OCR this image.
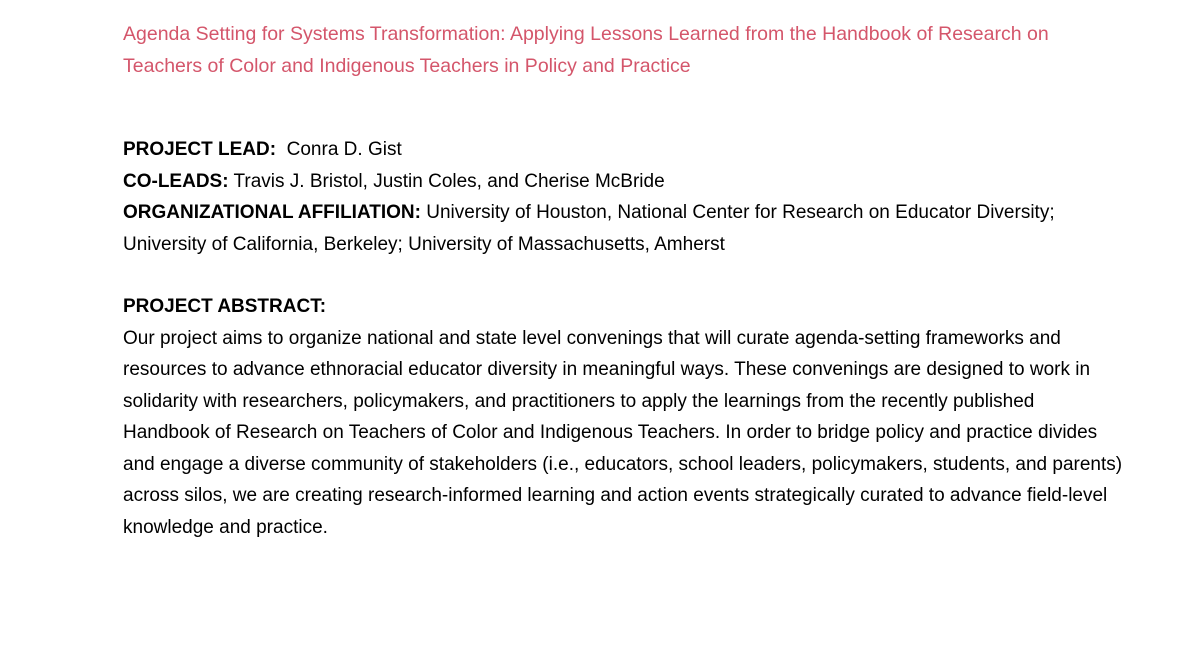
Agenda Setting for Systems Transformation: Applying Lessons Learned from the Handbook of Research on Teachers of Color and Indigenous Teachers in Policy and Practice

PROJECT LEAD: Conra D. Gist

CO-LEADS: Travis J. Bristol, Justin Coles, and Cherise McBride

ORGANIZATIONAL AFFILIATION: University of Houston, National Center for Research on Educator Diversity; University of California, Berkeley; University of Massachusetts, Amherst

PROJECT ABSTRACT:

Our project aims to organize national and state level convenings that will curate agenda-setting frameworks and resources to advance ethnoracial educator diversity in meaningful ways. These convenings are designed to work in solidarity with researchers, policymakers, and practitioners to apply the learnings from the recently published Handbook of Research on Teachers of Color and Indigenous Teachers. In order to bridge policy and practice divides and engage a diverse community of stakeholders (i.e., educators, school leaders, policymakers, students, and parents) across silos, we are creating research-informed learning and action events strategically curated to advance field-level knowledge and practice.
